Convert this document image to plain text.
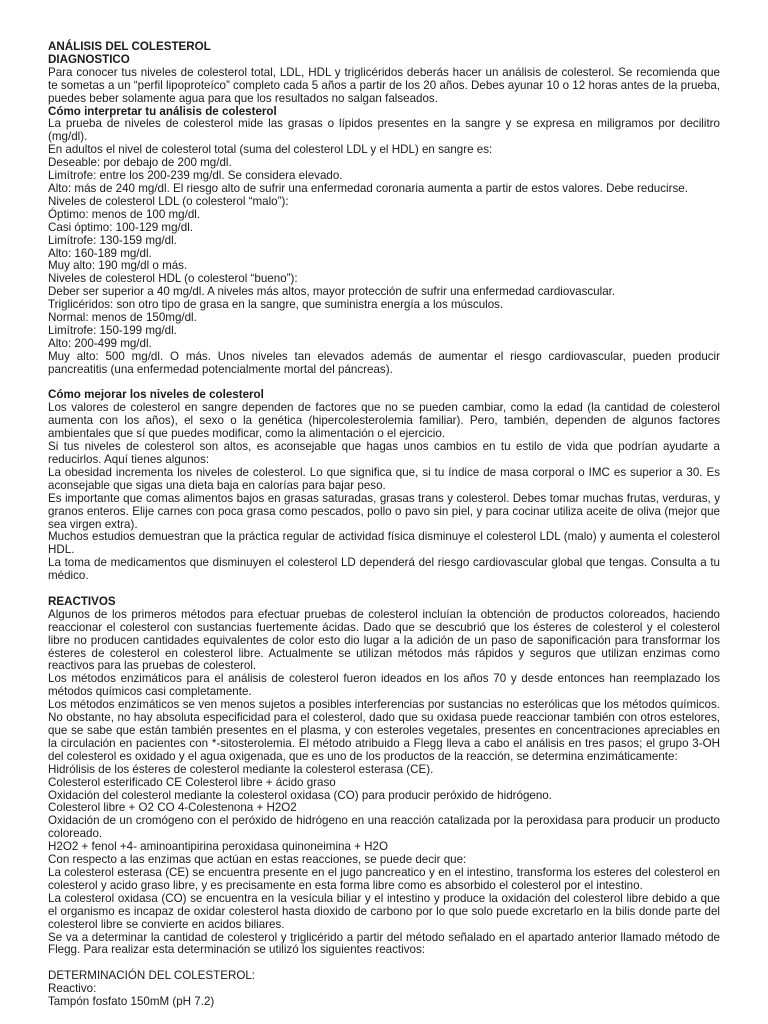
ANÁLISIS DEL COLESTEROL

DIAGNOSTICO

Para conocer tus niveles de colesterol total, LDL, HDL y triglicéridos deberás hacer un análisis de colesterol. Se recomienda que te sometas a un “perfil lipoproteíco” completo cada 5 años a partir de los 20 años. Debes ayunar 10 o 12 horas antes de la prueba, puedes beber solamente agua para que los resultados no salgan falseados.

Cómo interpretar tu análisis de colesterol

La prueba de niveles de colesterol mide las grasas o lípidos presentes en la sangre y se expresa en miligramos por decilitro (mg/dl).

En adultos el nivel de colesterol total (suma del colesterol LDL y el HDL) en sangre es:

Deseable: por debajo de 200 mg/dl.

Limítrofe: entre los 200-239 mg/dl. Se considera elevado.

Alto: más de 240 mg/dl. El riesgo alto de sufrir una enfermedad coronaria aumenta a partir de estos valores. Debe reducirse.

Niveles de colesterol LDL (o colesterol “malo”):

Óptimo: menos de 100 mg/dl.

Casi óptimo: 100-129 mg/dl.

Limítrofe: 130-159 mg/dl.

Alto: 160-189 mg/dl.

Muy alto: 190 mg/dl o más.

Niveles de colesterol HDL (o colesterol “bueno”):

Deber ser superior a 40 mg/dl. A niveles más altos, mayor protección de sufrir una enfermedad cardiovascular.

Triglicéridos: son otro tipo de grasa en la sangre, que suministra energía a los músculos.

Normal: menos de 150mg/dl.

Limítrofe: 150-199 mg/dl.

Alto: 200-499 mg/dl.

Muy alto: 500 mg/dl. O más. Unos niveles tan elevados además de aumentar el riesgo cardiovascular, pueden producir pancreatitis (una enfermedad potencialmente mortal del páncreas).

Cómo mejorar los niveles de colesterol

Los valores de colesterol en sangre dependen de factores que no se pueden cambiar, como la edad (la cantidad de colesterol aumenta con los años), el sexo o la genética (hipercolesterolemia familiar). Pero, también, dependen de algunos factores ambientales que sí que puedes modificar, como la alimentación o el ejercicio.

Si tus niveles de colesterol son altos, es aconsejable que hagas unos cambios en tu estilo de vida que podrían ayudarte a reducirlos. Aquí tienes algunos:

La obesidad incrementa los niveles de colesterol. Lo que significa que, si tu índice de masa corporal o IMC es superior a 30. Es aconsejable que sigas una dieta baja en calorías para bajar peso.

Es importante que comas alimentos bajos en grasas saturadas, grasas trans y colesterol. Debes tomar muchas frutas, verduras, y granos enteros. Elije carnes con poca grasa como pescados, pollo o pavo sin piel, y para cocinar utiliza aceite de oliva (mejor que sea virgen extra).

Muchos estudios demuestran que la práctica regular de actividad física disminuye el colesterol LDL (malo) y aumenta el colesterol HDL.

La toma de medicamentos que disminuyen el colesterol LD dependerá del riesgo cardiovascular global que tengas. Consulta a tu médico.

REACTIVOS

Algunos de los primeros métodos para efectuar pruebas de colesterol incluían la obtención de productos coloreados, haciendo reaccionar el colesterol con sustancias fuertemente ácidas. Dado que se descubrió que los ésteres de colesterol y el colesterol libre no producen cantidades equivalentes de color esto dio lugar a la adición de un paso de saponificación para transformar los ésteres de colesterol en colesterol libre. Actualmente se utilizan métodos más rápidos y seguros que utilizan enzimas como reactivos para las pruebas de colesterol.

Los métodos enzimáticos para el análisis de colesterol fueron ideados en los años 70 y desde entonces han reemplazado los métodos químicos casi completamente.

Los métodos enzimáticos se ven menos sujetos a posibles interferencias por sustancias no esterólicas que los métodos químicos. No obstante, no hay absoluta especificidad para el colesterol, dado que su oxidasa puede reaccionar también con otros estelores, que se sabe que están también presentes en el plasma, y con esteroles vegetales, presentes en concentraciones apreciables en la circulación en pacientes con *-sitosterolemia. El método atribuido a Flegg lleva a cabo el análisis en tres pasos; el grupo 3-OH del colesterol es oxidado y el agua oxigenada, que es uno de los productos de la reacción, se determina enzimáticamente:

Hidrólisis de los ésteres de colesterol mediante la colesterol esterasa (CE).

Colesterol esterificado CE Colesterol libre + ácido graso

Oxidación del colesterol mediante la colesterol oxidasa (CO) para producir peróxido de hidrógeno.

Colesterol libre + O2 CO 4-Colestenona + H2O2

Oxidación de un cromógeno con el peróxido de hidrógeno en una reacción catalizada por la peroxidasa para producir un producto coloreado.

H2O2 + fenol +4- aminoantipirina peroxidasa quinoneimina + H2O

Con respecto a las enzimas que actúan en estas reacciones, se puede decir que:

La colesterol esterasa (CE) se encuentra presente en el jugo pancreatico y en el intestino, transforma los esteres del colesterol en colesterol y acido graso libre, y es precisamente en esta forma libre como es absorbido el colesterol por el intestino.

La colesterol oxidasa (CO) se encuentra en la vesícula biliar y el intestino y produce la oxidación del colesterol libre debido a que el organismo es incapaz de oxidar colesterol hasta dioxido de carbono por lo que solo puede excretarlo en la bilis donde parte del colesterol libre se convierte en acidos biliares.

Se va a determinar la cantidad de colesterol y triglicérido a partir del método señalado en el apartado anterior llamado método de Flegg. Para realizar esta determinación se utilizó los siguientes reactivos:

DETERMINACIÓN DEL COLESTEROL:

Reactivo:

Tampón fosfato 150mM (pH 7.2)
